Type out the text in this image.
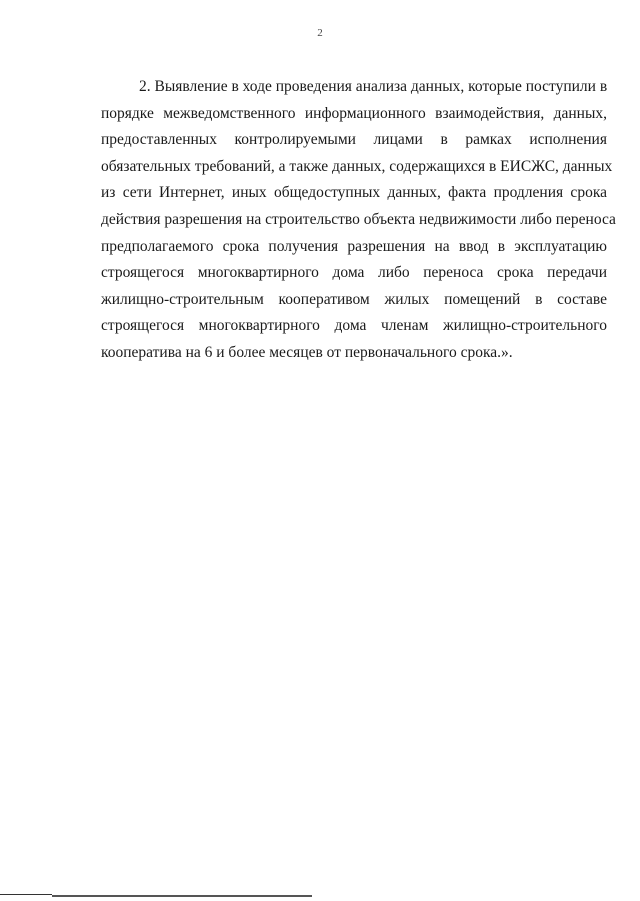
2
2. Выявление в ходе проведения анализа данных, которые поступили в
порядке межведомственного информационного взаимодействия, данных,
предоставленных контролируемыми лицами в рамках исполнения
обязательных требований, а также данных, содержащихся в ЕИСЖС, данных
из сети Интернет, иных общедоступных данных, факта продления срока
действия разрешения на строительство объекта недвижимости либо переноса
предполагаемого срока получения разрешения на ввод в эксплуатацию
строящегося многоквартирного дома либо переноса срока передачи
жилищно-строительным кооперативом жилых помещений в составе
строящегося многоквартирного дома членам жилищно-строительного
кооператива на 6 и более месяцев от первоначального срока.».
